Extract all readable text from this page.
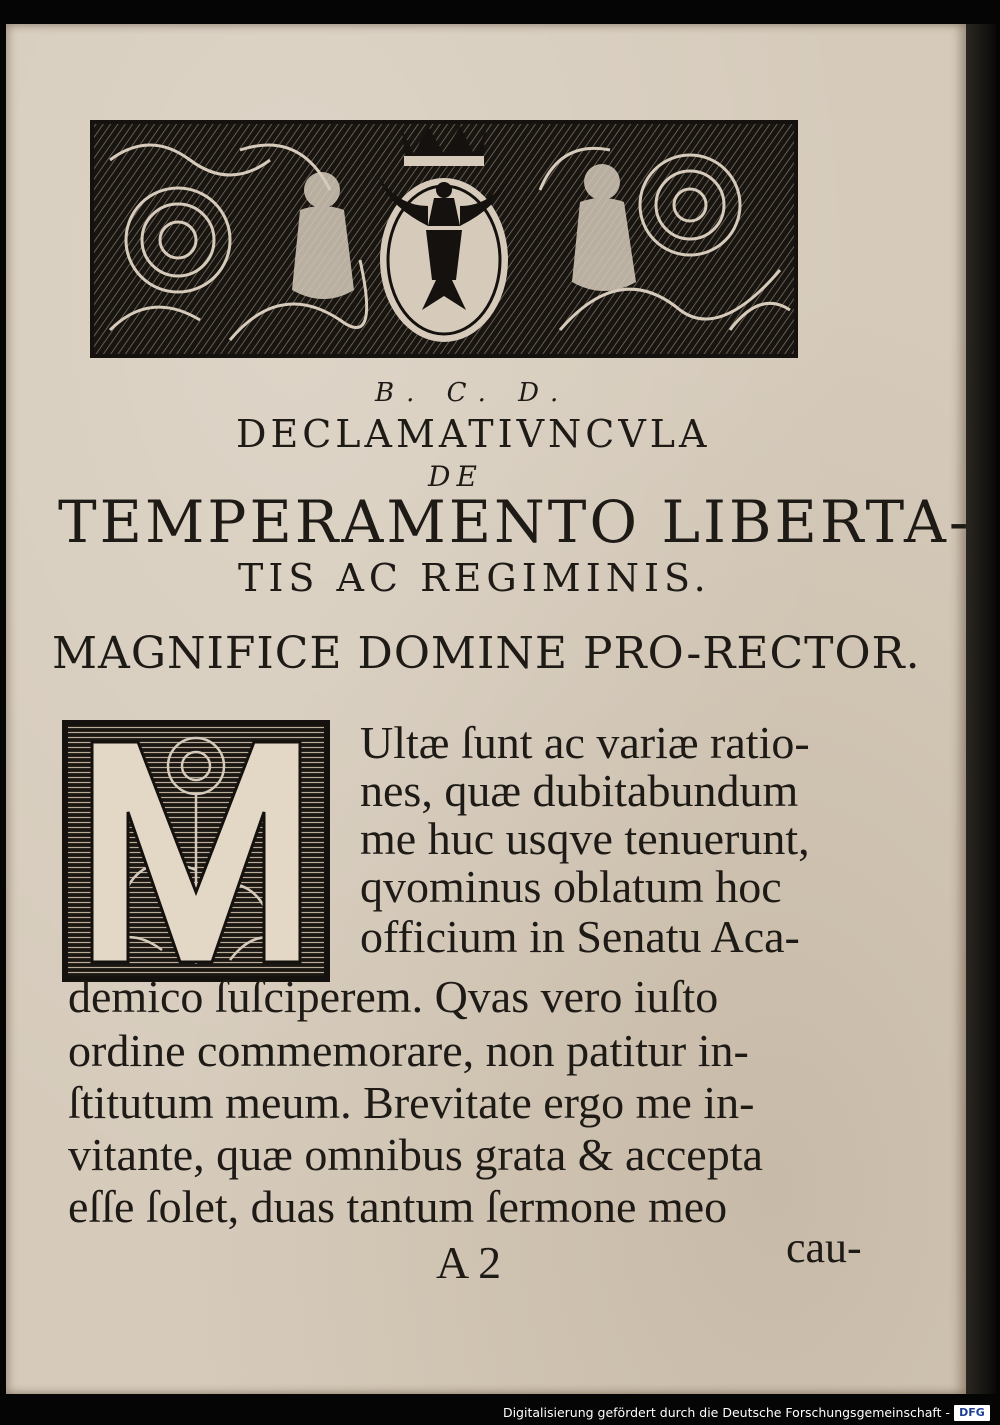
B. C. D.
DECLAMATIVNCVLA
DE
TEMPERAMENTO LIBERTA-
TIS AC REGIMINIS.
MAGNIFICE DOMINE PRO-RECTOR.
Ultæ ſunt ac variæ ratio-
nes, quæ dubitabundum
me huc usqve tenuerunt,
qvominus oblatum hoc
officium in Senatu Aca-
demico ſuſciperem. Qvas vero iuſto
ordine commemorare, non patitur in-
ſtitutum meum. Brevitate ergo me in-
vitante, quæ omnibus grata & accepta
eſſe ſolet, duas tantum ſermone meo
A 2	cau-
Digitalisierung gefördert durch die Deutsche Forschungsgemeinschaft - DFG
